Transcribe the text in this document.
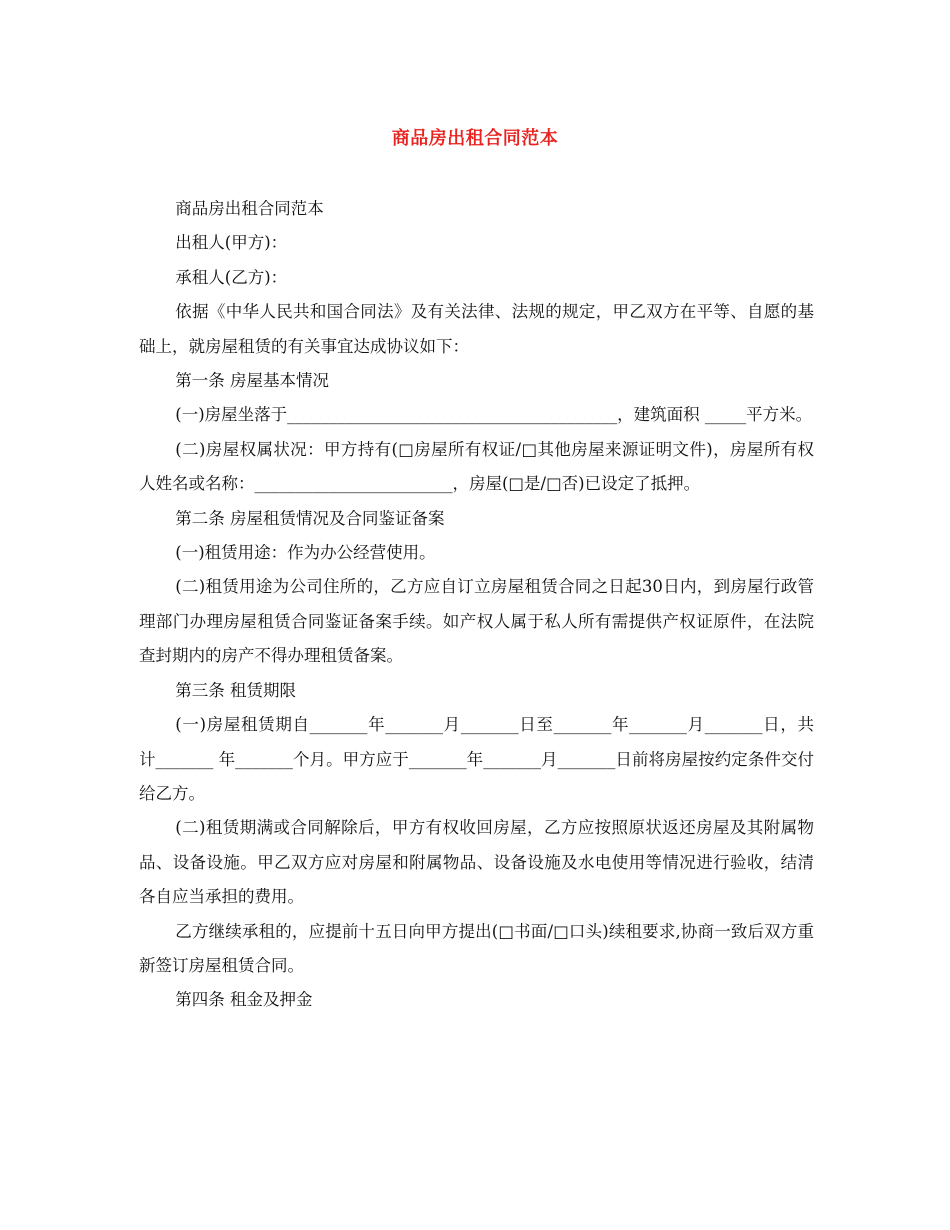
商品房出租合同范本

商品房出租合同范本

出租人(甲方)：

承租人(乙方)：

依据《中华人民共和国合同法》及有关法律、法规的规定，甲乙双方在平等、自愿的基础上，就房屋租赁的有关事宜达成协议如下：

第一条 房屋基本情况

(一)房屋坐落于________________________________________，建筑面积 _____平方米。

(二)房屋权属状况：甲方持有(□房屋所有权证/□其他房屋来源证明文件)，房屋所有权人姓名或名称：________________________，房屋(□是/□否)已设定了抵押。

第二条 房屋租赁情况及合同鉴证备案

(一)租赁用途：作为办公经营使用。

(二)租赁用途为公司住所的，乙方应自订立房屋租赁合同之日起30日内，到房屋行政管理部门办理房屋租赁合同鉴证备案手续。如产权人属于私人所有需提供产权证原件，在法院查封期内的房产不得办理租赁备案。

第三条 租赁期限

(一)房屋租赁期自_______年_______月_______日至_______年_______月_______日，共计_______ 年_______个月。甲方应于_______年_______月_______日前将房屋按约定条件交付给乙方。

(二)租赁期满或合同解除后，甲方有权收回房屋，乙方应按照原状返还房屋及其附属物品、设备设施。甲乙双方应对房屋和附属物品、设备设施及水电使用等情况进行验收，结清各自应当承担的费用。

乙方继续承租的，应提前十五日向甲方提出(□书面/□口头)续租要求,协商一致后双方重新签订房屋租赁合同。

第四条 租金及押金
